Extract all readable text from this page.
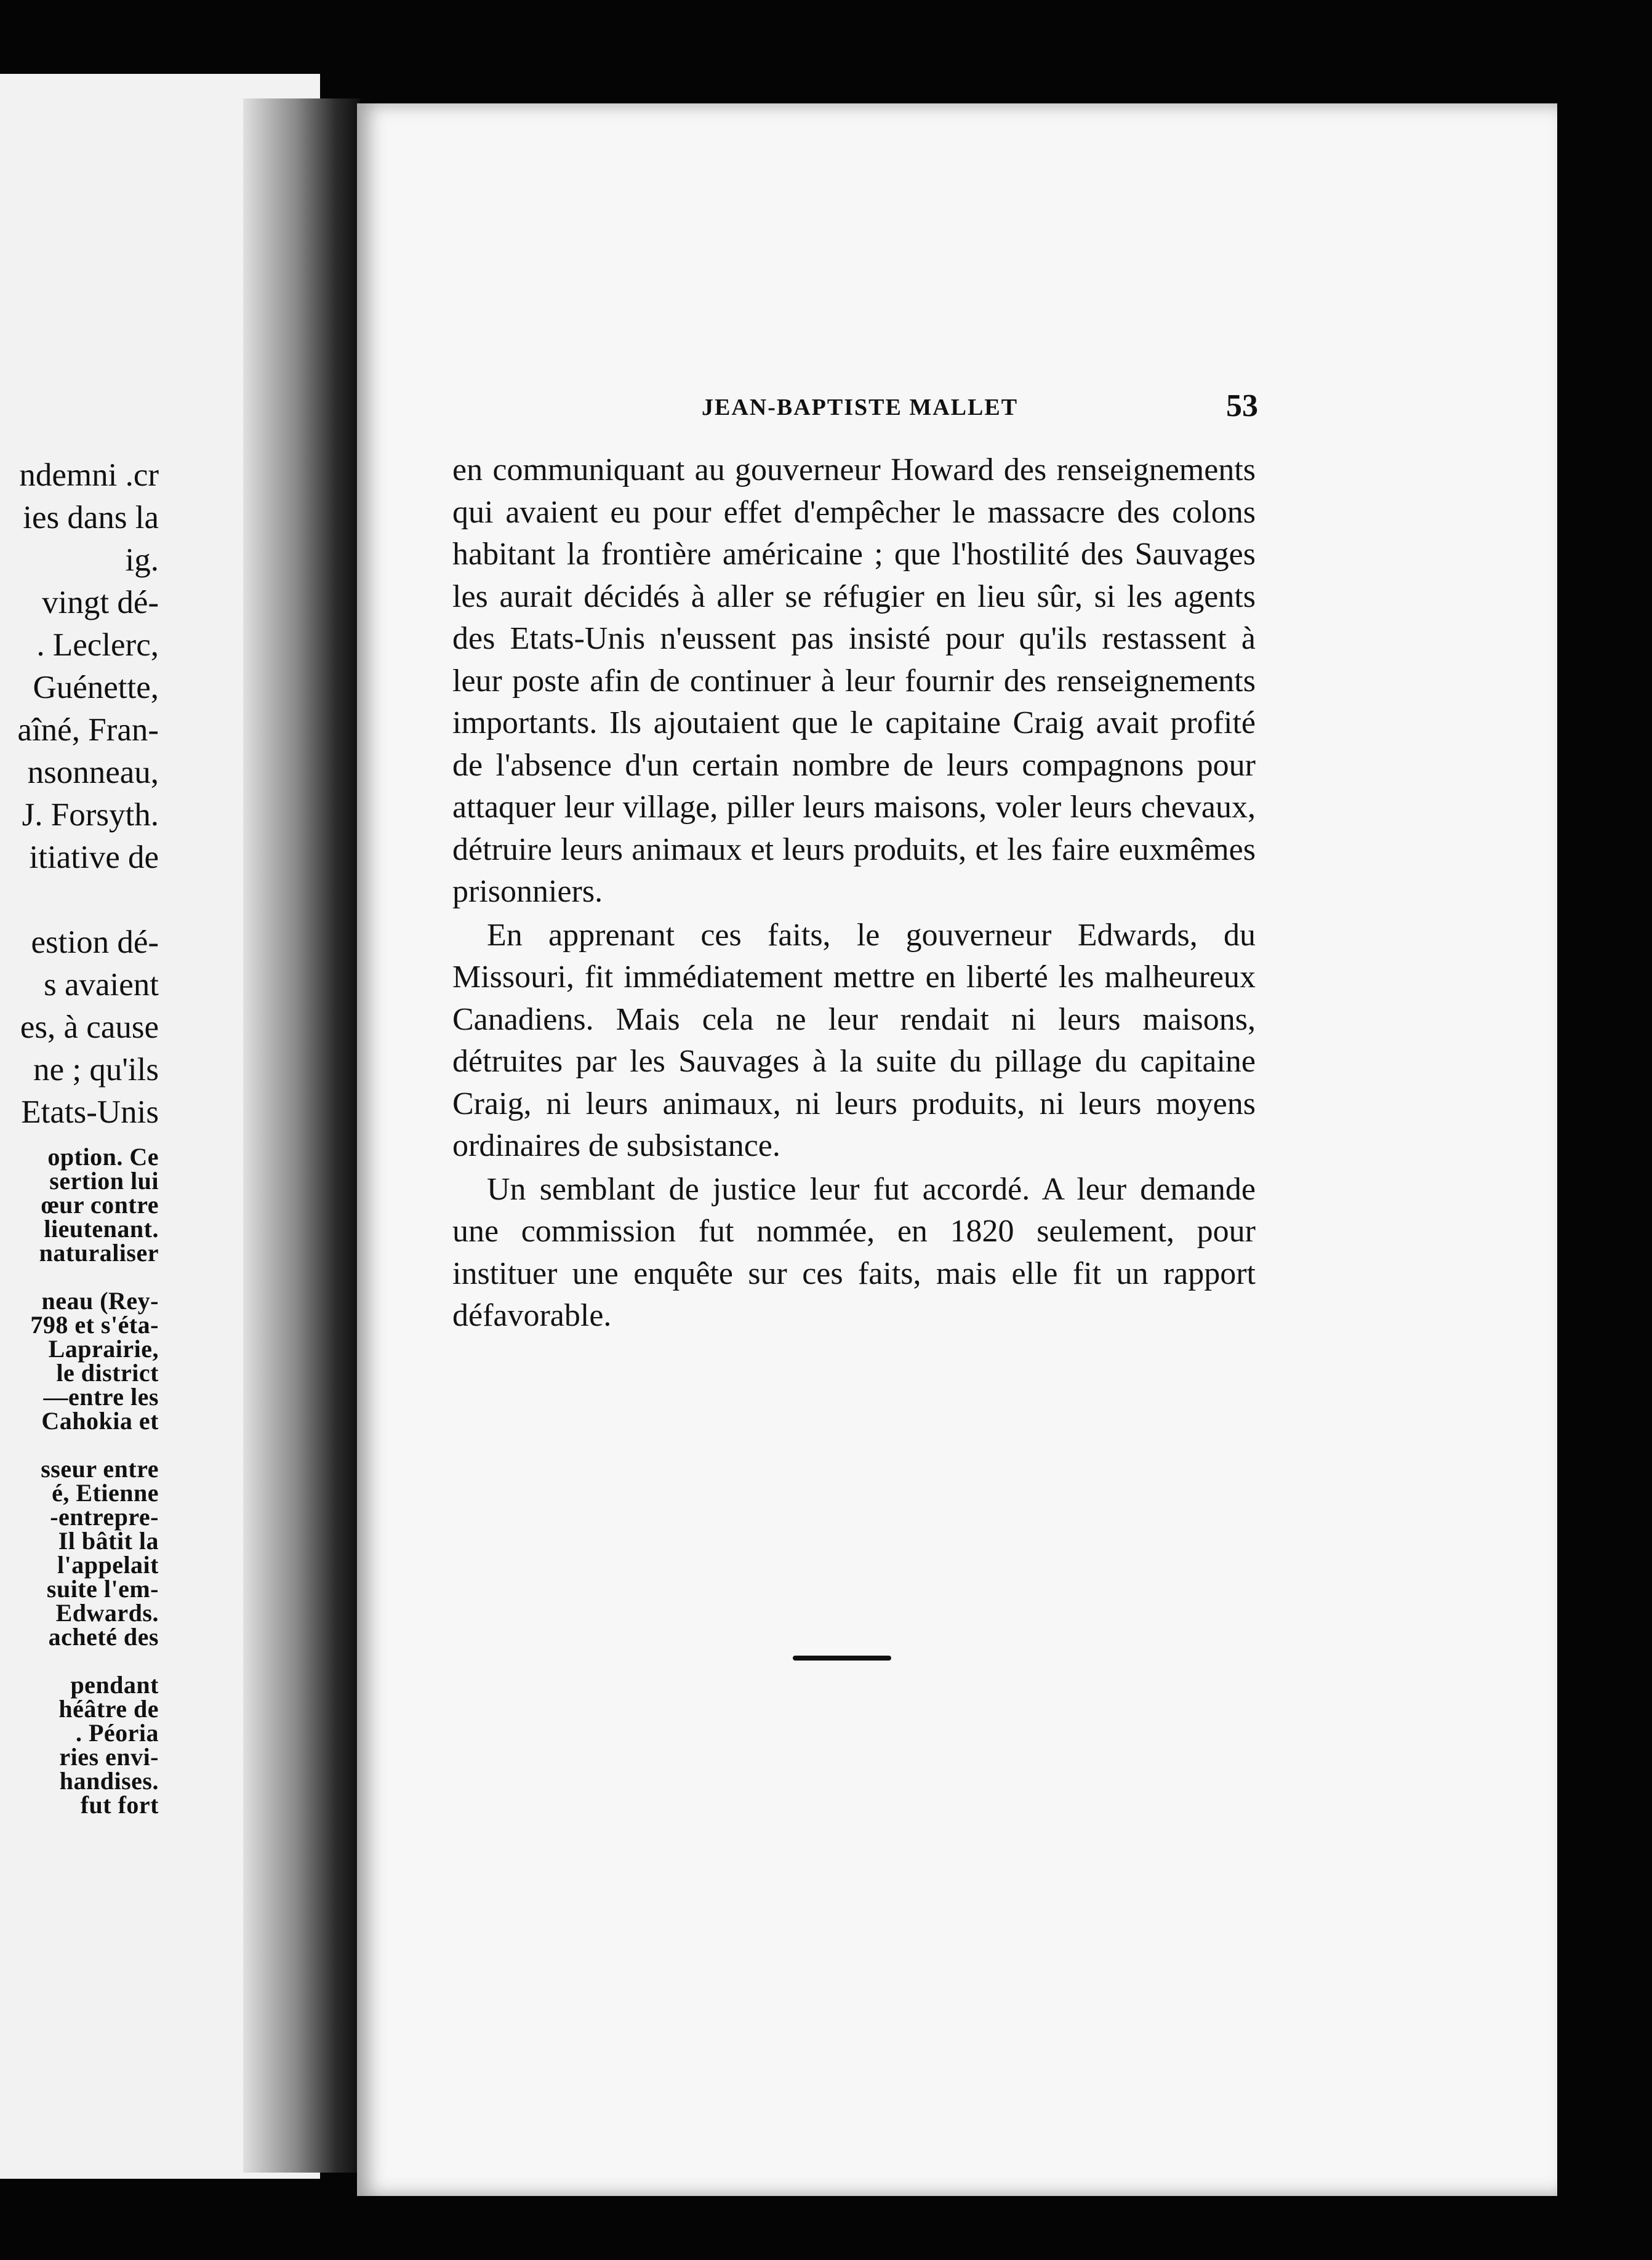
ndemni .cr
ies dans la
ig.
vingt dé-
. Leclerc,
Guénette,
aîné, Fran-
nsonneau,
J. Forsyth.
itiative de

estion dé-
s avaient
es, à cause
ne ; qu'ils
Etats-Unis
option. Ce
sertion lui
œur contre
lieutenant.
naturaliser

neau (Rey-
798 et s'éta-
Laprairie,
le district
—entre les
Cahokia et

sseur entre
é, Etienne
-entrepre-
Il bâtit la
l'appelait
suite l'em-
Edwards.
acheté des

pendant
héâtre de
. Péoria
ries envi-
handises.
fut fort
JEAN-BAPTISTE MALLET	53

en communiquant au gouverneur Howard des renseignements qui avaient eu pour effet d'empêcher le massacre des colons habitant la frontière américaine ; que l'hostilité des Sauvages les aurait décidés à aller se réfugier en lieu sûr, si les agents des Etats-Unis n'eussent pas insisté pour qu'ils restassent à leur poste afin de continuer à leur fournir des renseignements importants. Ils ajoutaient que le capitaine Craig avait profité de l'absence d'un certain nombre de leurs compagnons pour attaquer leur village, piller leurs maisons, voler leurs chevaux, détruire leurs animaux et leurs produits, et les faire euxmêmes prisonniers.

En apprenant ces faits, le gouverneur Edwards, du Missouri, fit immédiatement mettre en liberté les malheureux Canadiens. Mais cela ne leur rendait ni leurs maisons, détruites par les Sauvages à la suite du pillage du capitaine Craig, ni leurs animaux, ni leurs produits, ni leurs moyens ordinaires de subsistance.

Un semblant de justice leur fut accordé. A leur demande une commission fut nommée, en 1820 seulement, pour instituer une enquête sur ces faits, mais elle fit un rapport défavorable.
